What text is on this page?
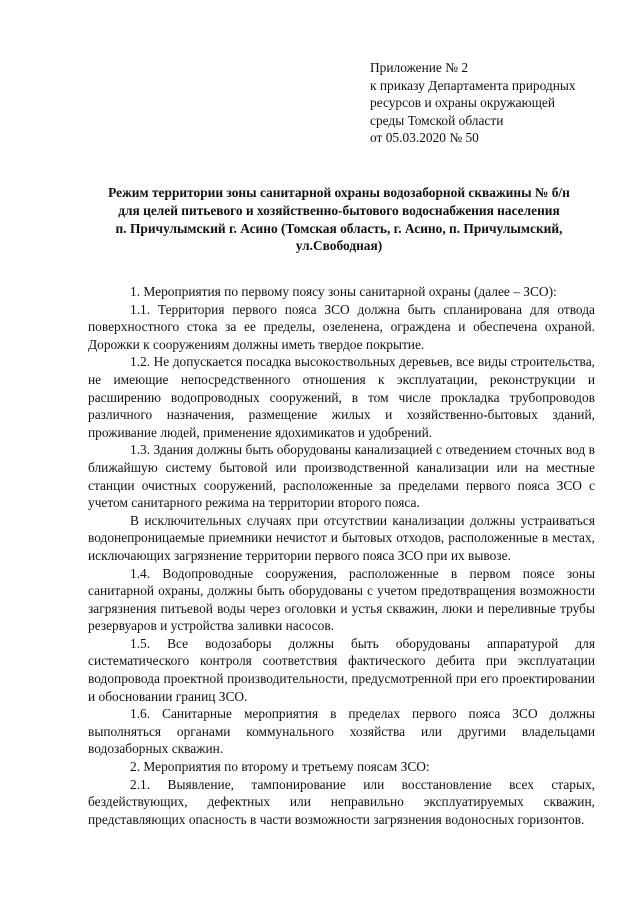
Приложение № 2
к приказу Департамента природных
ресурсов и охраны окружающей
среды Томской области
от 05.03.2020 № 50
Режим территории зоны санитарной охраны водозаборной скважины № б/н
для целей питьевого и хозяйственно-бытового водоснабжения населения
п. Причулымский г. Асино (Томская область, г. Асино, п. Причулымский,
ул.Свободная)

1. Мероприятия по первому поясу зоны санитарной охраны (далее – ЗСО):

1.1. Территория первого пояса ЗСО должна быть спланирована для отвода поверхностного стока за ее пределы, озеленена, ограждена и обеспечена охраной. Дорожки к сооружениям должны иметь твердое покрытие.

1.2. Не допускается посадка высокоствольных деревьев, все виды строительства, не имеющие непосредственного отношения к эксплуатации, реконструкции и расширению водопроводных сооружений, в том числе прокладка трубопроводов различного назначения, размещение жилых и хозяйственно-бытовых зданий, проживание людей, применение ядохимикатов и удобрений.

1.3. Здания должны быть оборудованы канализацией с отведением сточных вод в ближайшую систему бытовой или производственной канализации или на местные станции очистных сооружений, расположенные за пределами первого пояса ЗСО с учетом санитарного режима на территории второго пояса.

В исключительных случаях при отсутствии канализации должны устраиваться водонепроницаемые приемники нечистот и бытовых отходов, расположенные в местах, исключающих загрязнение территории первого пояса ЗСО при их вывозе.

1.4. Водопроводные сооружения, расположенные в первом поясе зоны санитарной охраны, должны быть оборудованы с учетом предотвращения возможности загрязнения питьевой воды через оголовки и устья скважин, люки и переливные трубы резервуаров и устройства заливки насосов.

1.5. Все водозаборы должны быть оборудованы аппаратурой для систематического контроля соответствия фактического дебита при эксплуатации водопровода проектной производительности, предусмотренной при его проектировании и обосновании границ ЗСО.

1.6. Санитарные мероприятия в пределах первого пояса ЗСО должны выполняться органами коммунального хозяйства или другими владельцами водозаборных скважин.

2. Мероприятия по второму и третьему поясам ЗСО:

2.1. Выявление, тампонирование или восстановление всех старых, бездействующих, дефектных или неправильно эксплуатируемых скважин, представляющих опасность в части возможности загрязнения водоносных горизонтов.
